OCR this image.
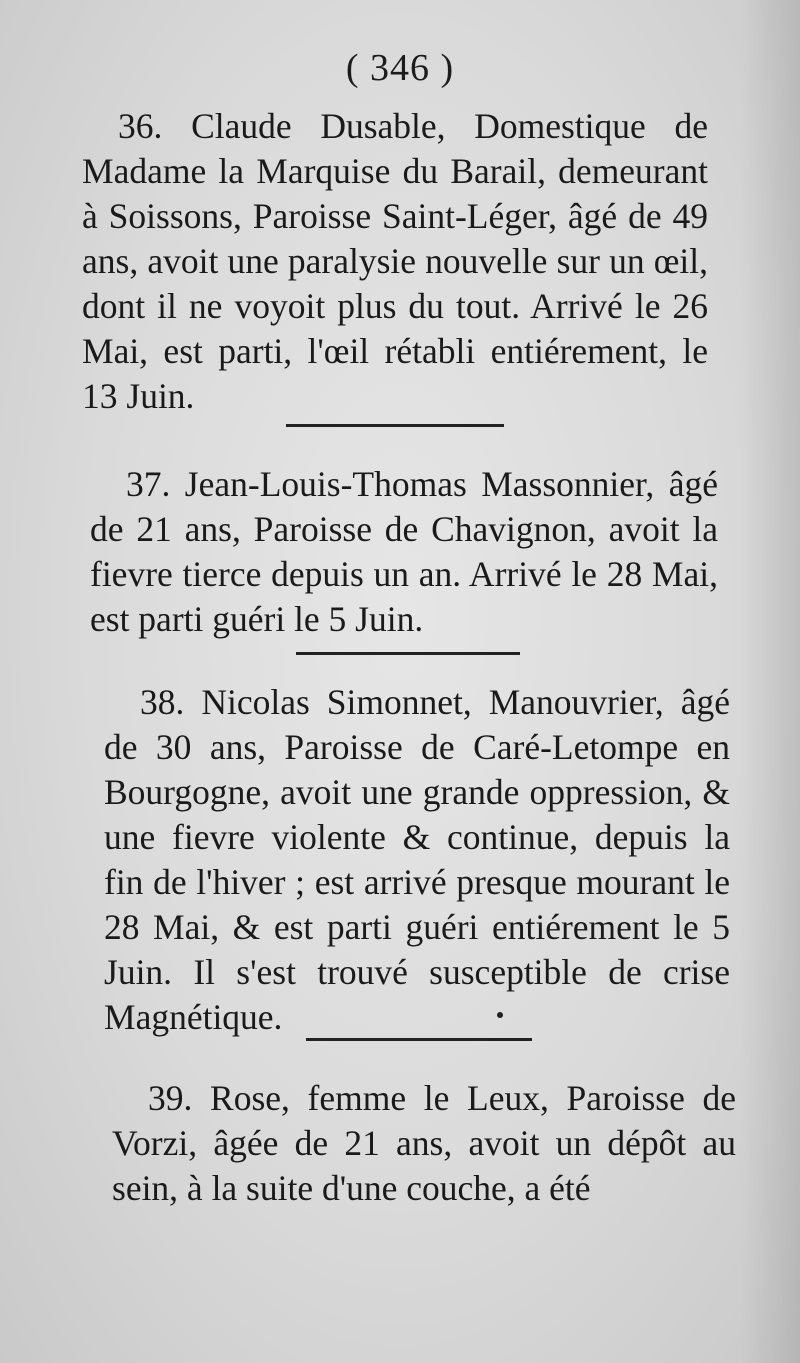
( 346 )

36. Claude Dusable, Domestique de Madame la Marquise du Barail, demeurant à Soissons, Paroisse Saint-Léger, âgé de 49 ans, avoit une paralysie nouvelle sur un œil, dont il ne voyoit plus du tout. Arrivé le 26 Mai, est parti, l'œil rétabli entiérement, le 13 Juin.

37. Jean-Louis-Thomas Massonnier, âgé de 21 ans, Paroisse de Chavignon, avoit la fievre tierce depuis un an. Arrivé le 28 Mai, est parti guéri le 5 Juin.

38. Nicolas Simonnet, Manouvrier, âgé de 30 ans, Paroisse de Caré-Letompe en Bourgogne, avoit une grande oppression, & une fievre violente & continue, depuis la fin de l'hiver ; est arrivé presque mourant le 28 Mai, & est parti guéri entiérement le 5 Juin. Il s'est trouvé susceptible de crise Magnétique.

39. Rose, femme le Leux, Paroisse de Vorzi, âgée de 21 ans, avoit un dépôt au sein, à la suite d'une couche, a été
